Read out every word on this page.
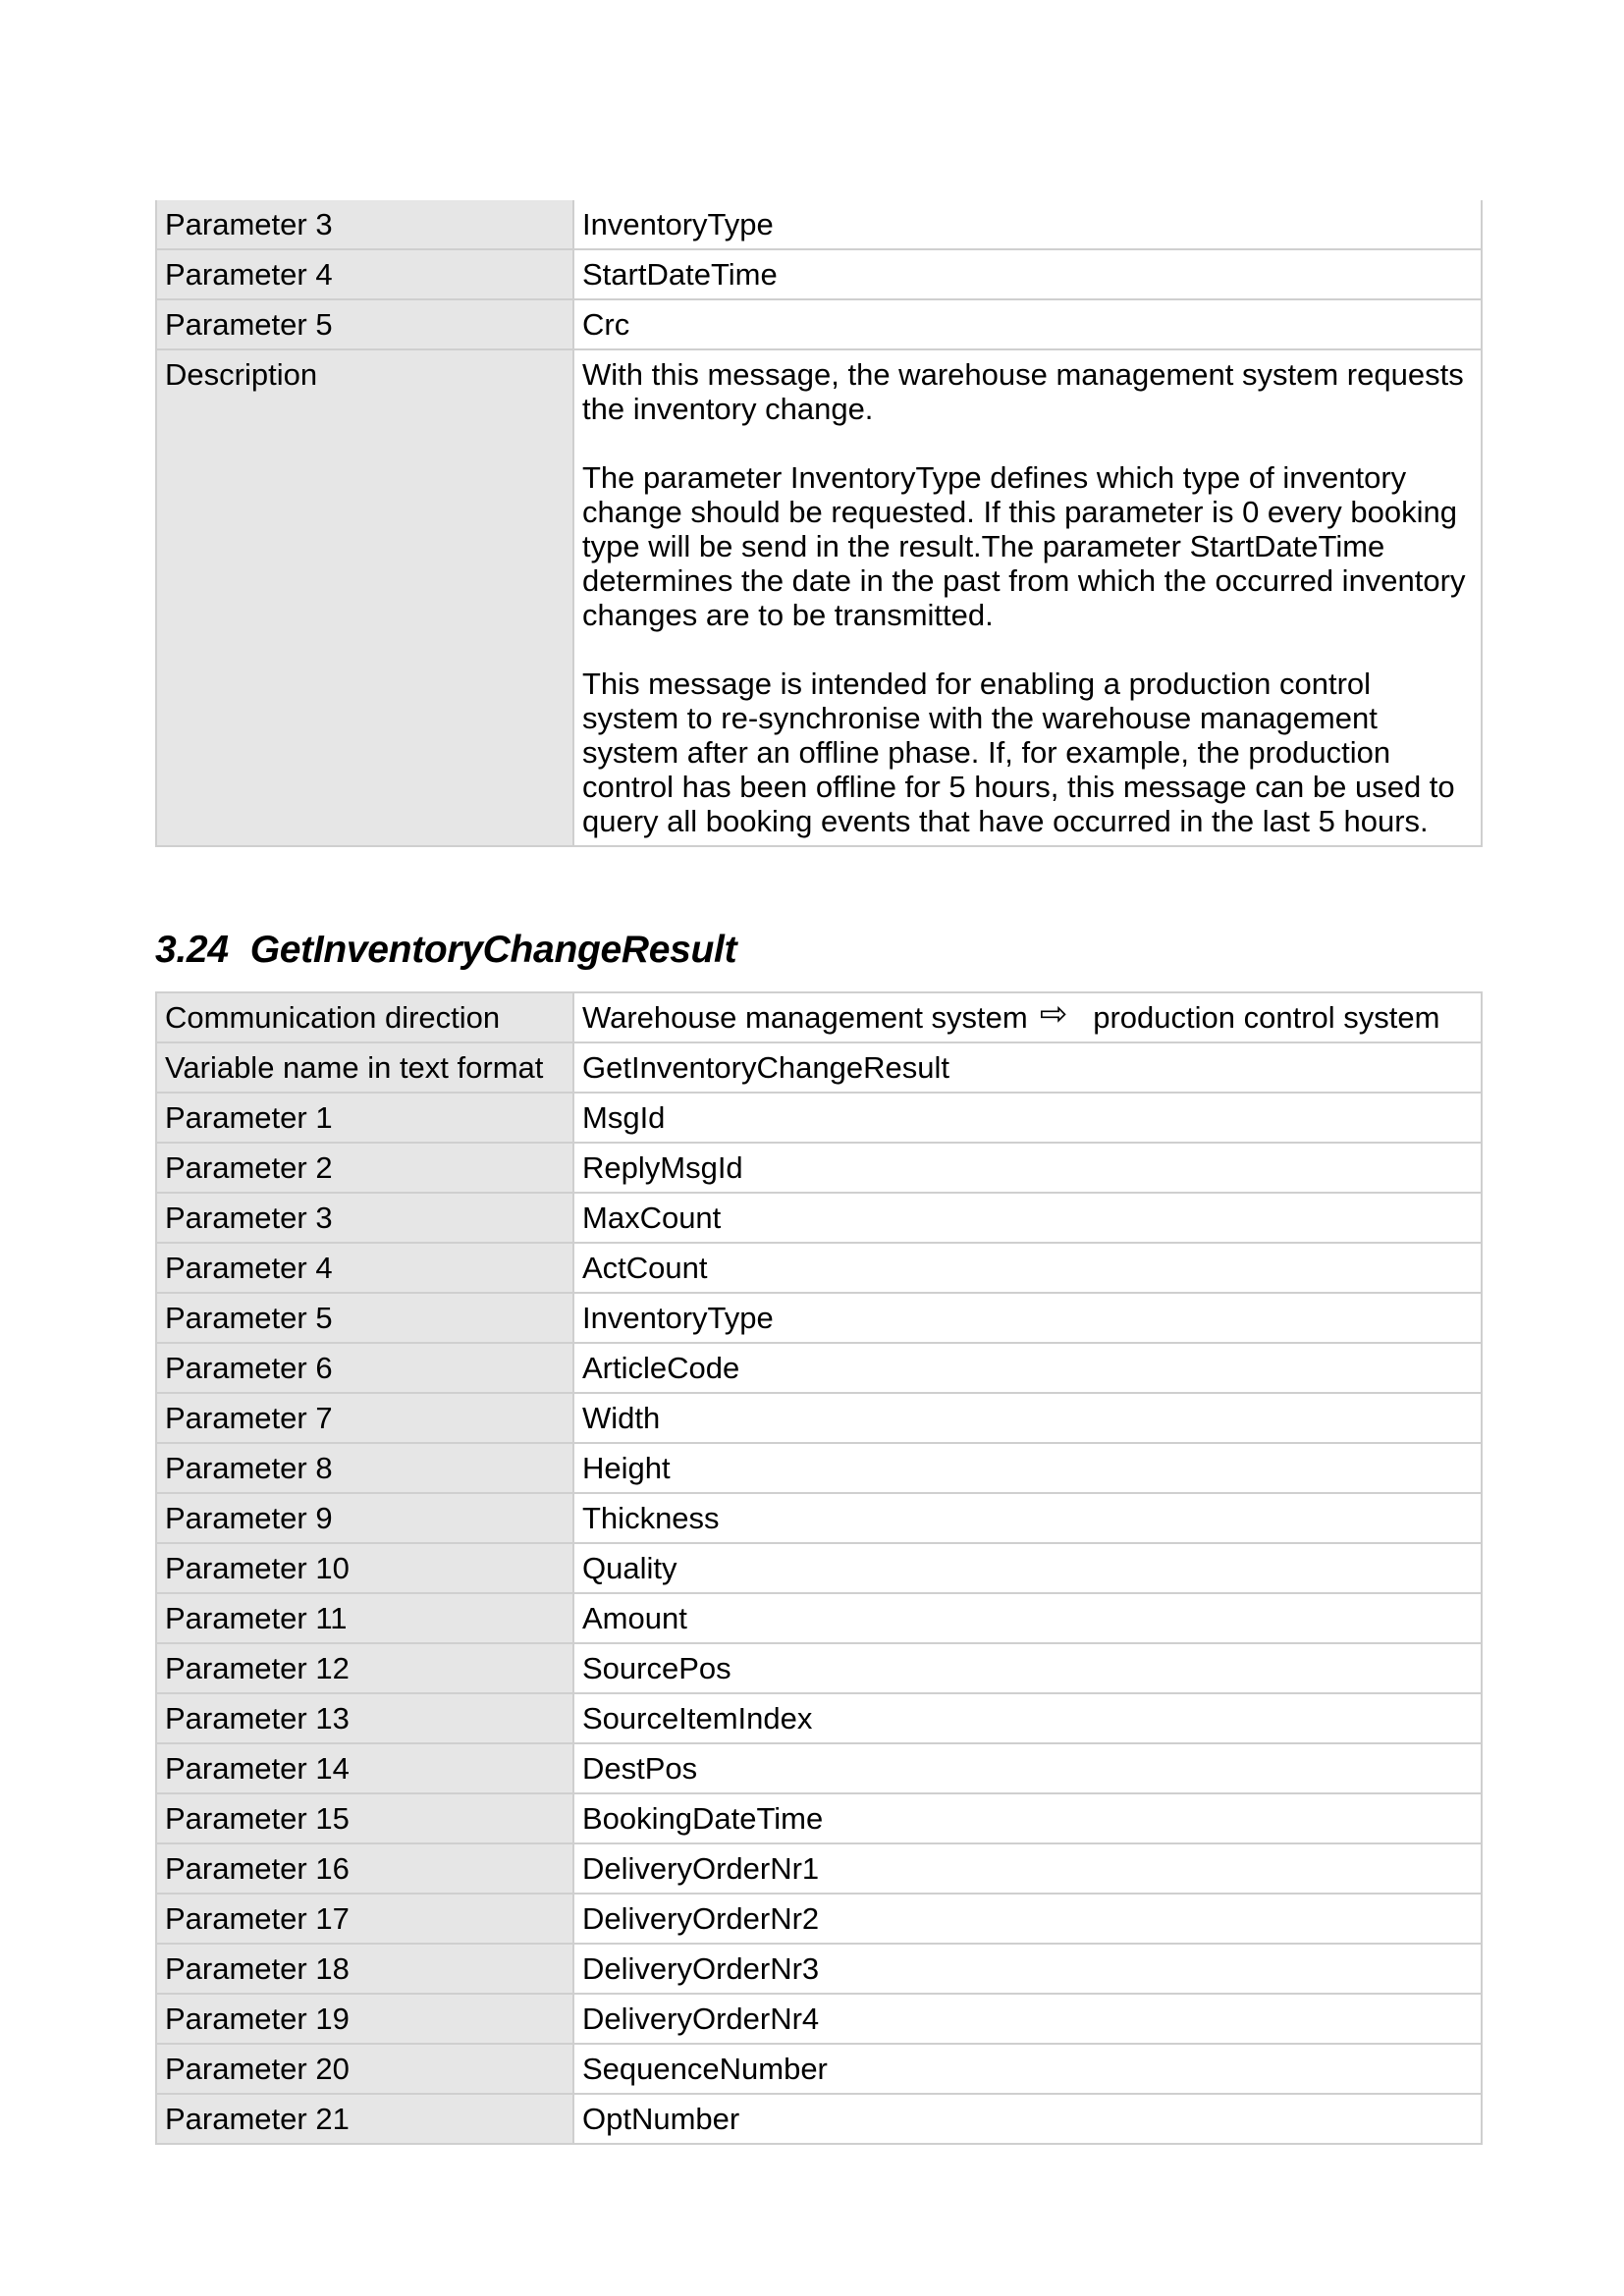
Parameter 3	InventoryType
Parameter 4	StartDateTime
Parameter 5	Crc
Description	With this message, the warehouse management system requests the inventory change.

The parameter InventoryType defines which type of inventory change should be requested. If this parameter is 0 every booking type will be send in the result.The parameter StartDateTime determines the date in the past from which the occurred inventory changes are to be transmitted.

This message is intended for enabling a production control system to re-synchronise with the warehouse management system after an offline phase. If, for example, the production control has been offline for 5 hours, this message can be used to query all booking events that have occurred in the last 5 hours.

3.24 GetInventoryChangeResult
Communication direction	Warehouse management system ⇨ production control system
Variable name in text format	GetInventoryChangeResult
Parameter 1	MsgId
Parameter 2	ReplyMsgId
Parameter 3	MaxCount
Parameter 4	ActCount
Parameter 5	InventoryType
Parameter 6	ArticleCode
Parameter 7	Width
Parameter 8	Height
Parameter 9	Thickness
Parameter 10	Quality
Parameter 11	Amount
Parameter 12	SourcePos
Parameter 13	SourceItemIndex
Parameter 14	DestPos
Parameter 15	BookingDateTime
Parameter 16	DeliveryOrderNr1
Parameter 17	DeliveryOrderNr2
Parameter 18	DeliveryOrderNr3
Parameter 19	DeliveryOrderNr4
Parameter 20	SequenceNumber
Parameter 21	OptNumber
